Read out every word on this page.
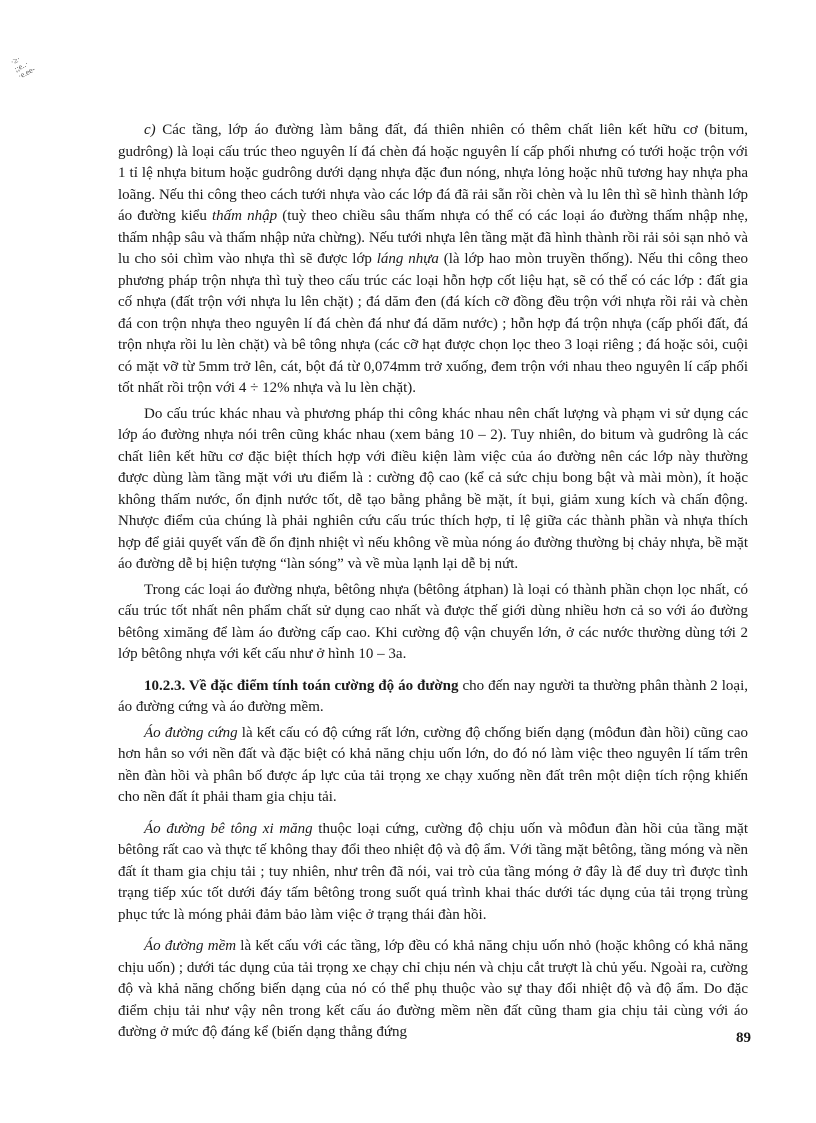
·≥·
;;e..·
·e.ee-

c) Các tầng, lớp áo đường làm bằng đất, đá thiên nhiên có thêm chất liên kết hữu cơ (bitum, gudrông) là loại cấu trúc theo nguyên lí đá chèn đá hoặc nguyên lí cấp phối nhưng có tưới hoặc trộn với 1 tỉ lệ nhựa bitum hoặc gudrông dưới dạng nhựa đặc đun nóng, nhựa lỏng hoặc nhũ tương hay nhựa pha loãng. Nếu thi công theo cách tưới nhựa vào các lớp đá đã rải sẵn rồi chèn và lu lên thì sẽ hình thành lớp áo đường kiểu thấm nhập (tuỳ theo chiều sâu thấm nhựa có thể có các loại áo đường thấm nhập nhẹ, thấm nhập sâu và thấm nhập nửa chừng). Nếu tưới nhựa lên tầng mặt đã hình thành rồi rải sỏi sạn nhỏ và lu cho sỏi chìm vào nhựa thì sẽ được lớp láng nhựa (là lớp hao mòn truyền thống). Nếu thi công theo phương pháp trộn nhựa thì tuỳ theo cấu trúc các loại hỗn hợp cốt liệu hạt, sẽ có thể có các lớp : đất gia cố nhựa (đất trộn với nhựa lu lên chặt) ; đá dăm đen (đá kích cỡ đồng đều trộn với nhựa rồi rải và chèn đá con trộn nhựa theo nguyên lí đá chèn đá như đá dăm nước) ; hỗn hợp đá trộn nhựa (cấp phối đất, đá trộn nhựa rồi lu lèn chặt) và bê tông nhựa (các cỡ hạt được chọn lọc theo 3 loại riêng ; đá hoặc sỏi, cuội có mặt vỡ từ 5mm trở lên, cát, bột đá từ 0,074mm trở xuống, đem trộn với nhau theo nguyên lí cấp phối tốt nhất rồi trộn với 4 ÷ 12% nhựa và lu lèn chặt).

Do cấu trúc khác nhau và phương pháp thi công khác nhau nên chất lượng và phạm vi sử dụng các lớp áo đường nhựa nói trên cũng khác nhau (xem bảng 10 – 2). Tuy nhiên, do bitum và gudrông là các chất liên kết hữu cơ đặc biệt thích hợp với điều kiện làm việc của áo đường nên các lớp này thường được dùng làm tầng mặt với ưu điểm là : cường độ cao (kể cả sức chịu bong bật và mài mòn), ít hoặc không thấm nước, ổn định nước tốt, dễ tạo bằng phẳng bề mặt, ít bụi, giảm xung kích và chấn động. Nhược điểm của chúng là phải nghiên cứu cấu trúc thích hợp, tỉ lệ giữa các thành phần và nhựa thích hợp để giải quyết vấn đề ổn định nhiệt vì nếu không về mùa nóng áo đường thường bị chảy nhựa, bề mặt áo đường dễ bị hiện tượng “làn sóng” và về mùa lạnh lại dễ bị nứt.

Trong các loại áo đường nhựa, bêtông nhựa (bêtông átphan) là loại có thành phần chọn lọc nhất, có cấu trúc tốt nhất nên phẩm chất sử dụng cao nhất và được thế giới dùng nhiều hơn cả so với áo đường bêtông ximăng để làm áo đường cấp cao. Khi cường độ vận chuyển lớn, ở các nước thường dùng tới 2 lớp bêtông nhựa với kết cấu như ở hình 10 – 3a.

10.2.3. Về đặc điểm tính toán cường độ áo đường cho đến nay người ta thường phân thành 2 loại, áo đường cứng và áo đường mềm.

Áo đường cứng là kết cấu có độ cứng rất lớn, cường độ chống biến dạng (môđun đàn hồi) cũng cao hơn hẳn so với nền đất và đặc biệt có khả năng chịu uốn lớn, do đó nó làm việc theo nguyên lí tấm trên nền đàn hồi và phân bố được áp lực của tải trọng xe chạy xuống nền đất trên một diện tích rộng khiến cho nền đất ít phải tham gia chịu tải.

Áo đường bê tông xi măng thuộc loại cứng, cường độ chịu uốn và môđun đàn hồi của tầng mặt bêtông rất cao và thực tế không thay đổi theo nhiệt độ và độ ẩm. Với tầng mặt bêtông, tầng móng và nền đất ít tham gia chịu tải ; tuy nhiên, như trên đã nói, vai trò của tầng móng ở đây là để duy trì được tình trạng tiếp xúc tốt dưới đáy tấm bêtông trong suốt quá trình khai thác dưới tác dụng của tải trọng trùng phục tức là móng phải đảm bảo làm việc ở trạng thái đàn hồi.

Áo đường mềm là kết cấu với các tầng, lớp đều có khả năng chịu uốn nhỏ (hoặc không có khả năng chịu uốn) ; dưới tác dụng của tải trọng xe chạy chỉ chịu nén và chịu cắt trượt là chủ yếu. Ngoài ra, cường độ và khả năng chống biến dạng của nó có thể phụ thuộc vào sự thay đổi nhiệt độ và độ ẩm. Do đặc điểm chịu tải như vậy nên trong kết cấu áo đường mềm nền đất cũng tham gia chịu tải cùng với áo đường ở mức độ đáng kể (biến dạng thẳng đứng	89
